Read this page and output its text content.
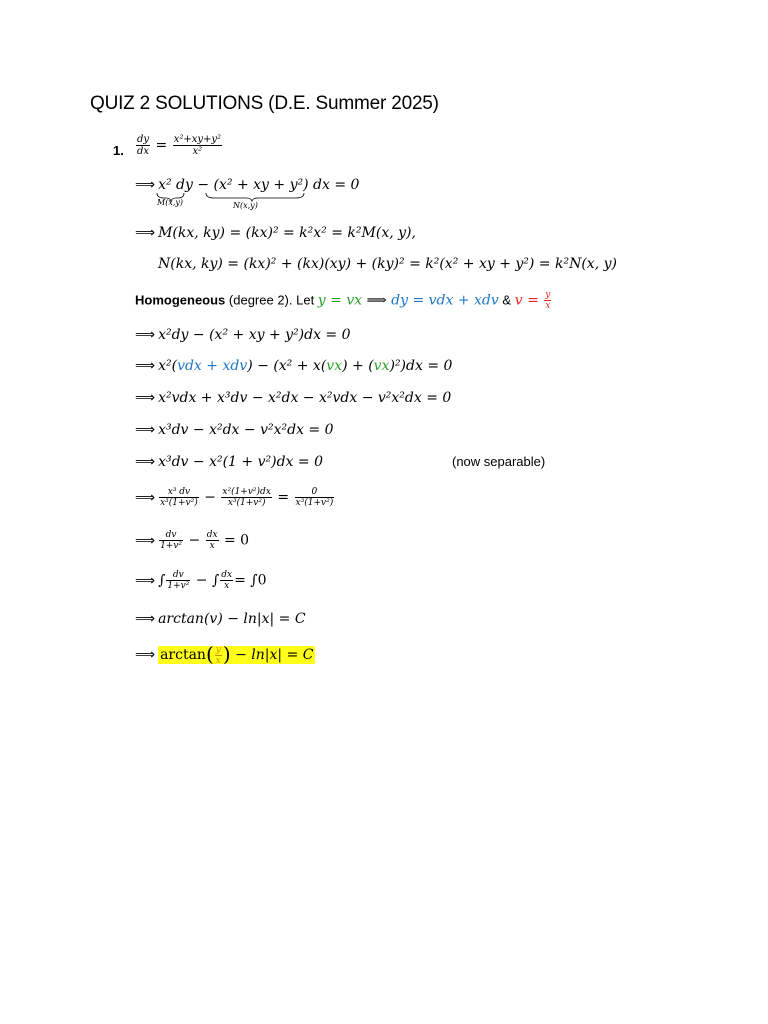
QUIZ 2 SOLUTIONS (D.E. Summer 2025)
1. $\frac{dy}{dx} = \frac{\text{x²+xy+y²}}{\text{x²}}$
⟹ x² dy − (x² + xy + y²) dx = 0
M(x,y)	N(x,y)
⟹ M(kx, ky) = (kx)² = k²x² = k²M(x, y),
N(kx, ky) = (kx)² + (kx)(xy) + (ky)² = k²(x² + xy + y²) = k²N(x, y)
Homogeneous (degree 2). Let y = vx ⟹ dy = vdx + xdv & $v = \frac{y}{x}$
⟹ x²dy − (x² + xy + y²)dx = 0
⟹ x²(vdx + xdv) − (x² + x(vx) + (vx)²)dx = 0
⟹ x²vdx + x³dv − x²dx − x²vdx − v²x²dx = 0
⟹ x³dv − x²dx − v²x²dx = 0
⟹ x³dv − x²(1 + v²)dx = 0	(now separable)
⟹ $\frac{\text{x³ dv}}{\text{x³(1+v²)}} - \frac{\text{x²(1+v²)dx}}{\text{x³(1+v²)}} = \frac{0}{\text{x³(1+v²)}}$
⟹ $\frac{dv}{\text{1+v²}} - \frac{dx}{x} = 0$
⟹ ∫ $\frac{dv}{\text{1+v²}}$ − ∫ $\frac{dx}{x} = \int 0$
⟹ arctan(v) − ln|x| = C
⟹ $\arctan( \frac{y}{x}$ ) − ln|x| = C
